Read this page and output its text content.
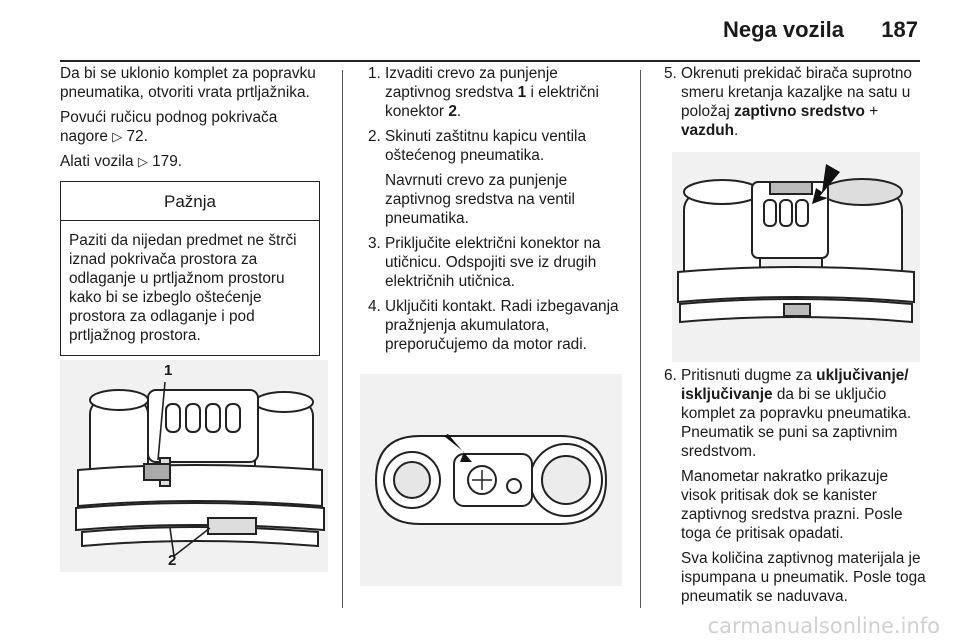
Nega vozila 187

Da bi se uklonio komplet za popravku pneumatika, otvoriti vrata prtljažnika.

Povući ručicu podnog pokrivača nagore ▷ 72.

Alati vozila ▷ 179.

Pažnja
Paziti da nijedan predmet ne štrči iznad pokrivača prostora za odlaganje u prtljažnom prostoru kako bi se izbeglo oštećenje prostora za odlaganje i pod prtljažnog prostora.
1
2
1. Izvaditi crevo za punjenje zaptivnog sredstva 1 i električni konektor 2.
2. Skinuti zaštitnu kapicu ventila oštećenog pneumatika.
Navrnuti crevo za punjenje zaptivnog sredstva na ventil pneumatika.
3. Priključite električni konektor na utičnicu. Odspojiti sve iz drugih električnih utičnica.
4. Uključiti kontakt. Radi izbegavanja pražnjenja akumulatora, preporučujemo da motor radi.
5. Okrenuti prekidač birača suprotno smeru kretanja kazaljke na satu u položaj zaptivno sredstvo + vazduh.
6. Pritisnuti dugme za uključivanje/ isključivanje da bi se uključio komplet za popravku pneumatika. Pneumatik se puni sa zaptivnim sredstvom.
Manometar nakratko prikazuje visok pritisak dok se kanister zaptivnog sredstva prazni. Posle toga će pritisak opadati.
Sva količina zaptivnog materijala je ispumpana u pneumatik. Posle toga pneumatik se naduvava.
carmanualsonline.info
